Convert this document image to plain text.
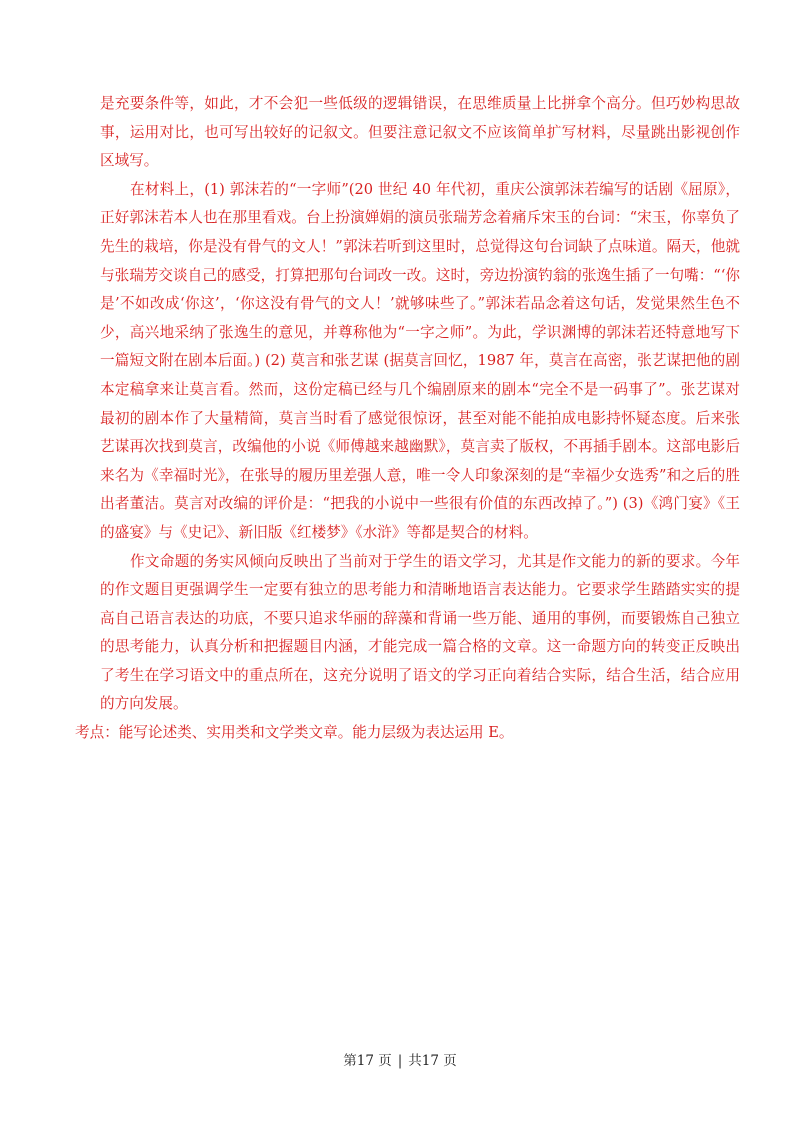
是充要条件等，如此，才不会犯一些低级的逻辑错误，在思维质量上比拼拿个高分。但巧妙构思故事，运用对比，也可写出较好的记叙文。但要注意记叙文不应该简单扩写材料，尽量跳出影视创作区域写。

在材料上，(1) 郭沫若的“一字师”(20 世纪 40 年代初，重庆公演郭沫若编写的话剧《屈原》，正好郭沫若本人也在那里看戏。台上扮演婵娟的演员张瑞芳念着痛斥宋玉的台词：“宋玉，你辜负了先生的栽培，你是没有骨气的文人！”郭沫若听到这里时，总觉得这句台词缺了点味道。隔天，他就与张瑞芳交谈自己的感受，打算把那句台词改一改。这时，旁边扮演钓翁的张逸生插了一句嘴：“‘你是’不如改成‘你这’，‘你这没有骨气的文人！’就够味些了。”郭沫若品念着这句话，发觉果然生色不少，高兴地采纳了张逸生的意见，并尊称他为“一字之师”。为此，学识渊博的郭沫若还特意地写下一篇短文附在剧本后面。) (2) 莫言和张艺谋 (据莫言回忆，1987 年，莫言在高密，张艺谋把他的剧本定稿拿来让莫言看。然而，这份定稿已经与几个编剧原来的剧本“完全不是一码事了”。张艺谋对最初的剧本作了大量精简，莫言当时看了感觉很惊讶，甚至对能不能拍成电影持怀疑态度。后来张艺谋再次找到莫言，改编他的小说《师傅越来越幽默》，莫言卖了版权，不再插手剧本。这部电影后来名为《幸福时光》，在张导的履历里差强人意，唯一令人印象深刻的是“幸福少女选秀”和之后的胜出者董洁。莫言对改编的评价是：“把我的小说中一些很有价值的东西改掉了。”) (3)《鸿门宴》《王的盛宴》与《史记》、新旧版《红楼梦》《水浒》等都是契合的材料。

作文命题的务实风倾向反映出了当前对于学生的语文学习，尤其是作文能力的新的要求。今年的作文题目更强调学生一定要有独立的思考能力和清晰地语言表达能力。它要求学生踏踏实实的提高自己语言表达的功底，不要只追求华丽的辞藻和背诵一些万能、通用的事例，而要锻炼自己独立的思考能力，认真分析和把握题目内涵，才能完成一篇合格的文章。这一命题方向的转变正反映出了考生在学习语文中的重点所在，这充分说明了语文的学习正向着结合实际，结合生活，结合应用的方向发展。

考点：能写论述类、实用类和文学类文章。能力层级为表达运用 E。

第17 页 | 共17 页
